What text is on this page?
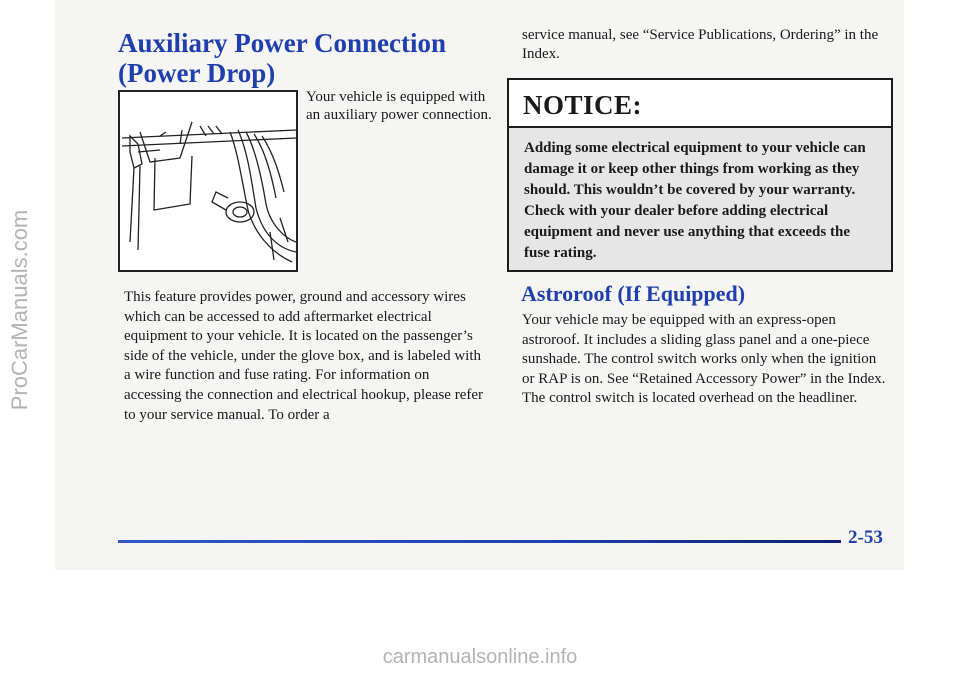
ProCarManuals.com
Auxiliary Power Connection
(Power Drop)

Your vehicle is equipped with an auxiliary power connection.

This feature provides power, ground and accessory wires which can be accessed to add aftermarket electrical equipment to your vehicle. It is located on the passenger’s side of the vehicle, under the glove box, and is labeled with a wire function and fuse rating. For information on accessing the connection and electrical hookup, please refer to your service manual. To order a

service manual, see “Service Publications, Ordering” in the Index.

NOTICE:
Adding some electrical equipment to your vehicle can damage it or keep other things from working as they should. This wouldn’t be covered by your warranty. Check with your dealer before adding electrical equipment and never use anything that exceeds the fuse rating.
Astroroof (If Equipped)

Your vehicle may be equipped with an express-open astroroof. It includes a sliding glass panel and a one-piece sunshade. The control switch works only when the ignition or RAP is on. See “Retained Accessory Power” in the Index. The control switch is located overhead on the headliner.

2-53
carmanualsonline.info
